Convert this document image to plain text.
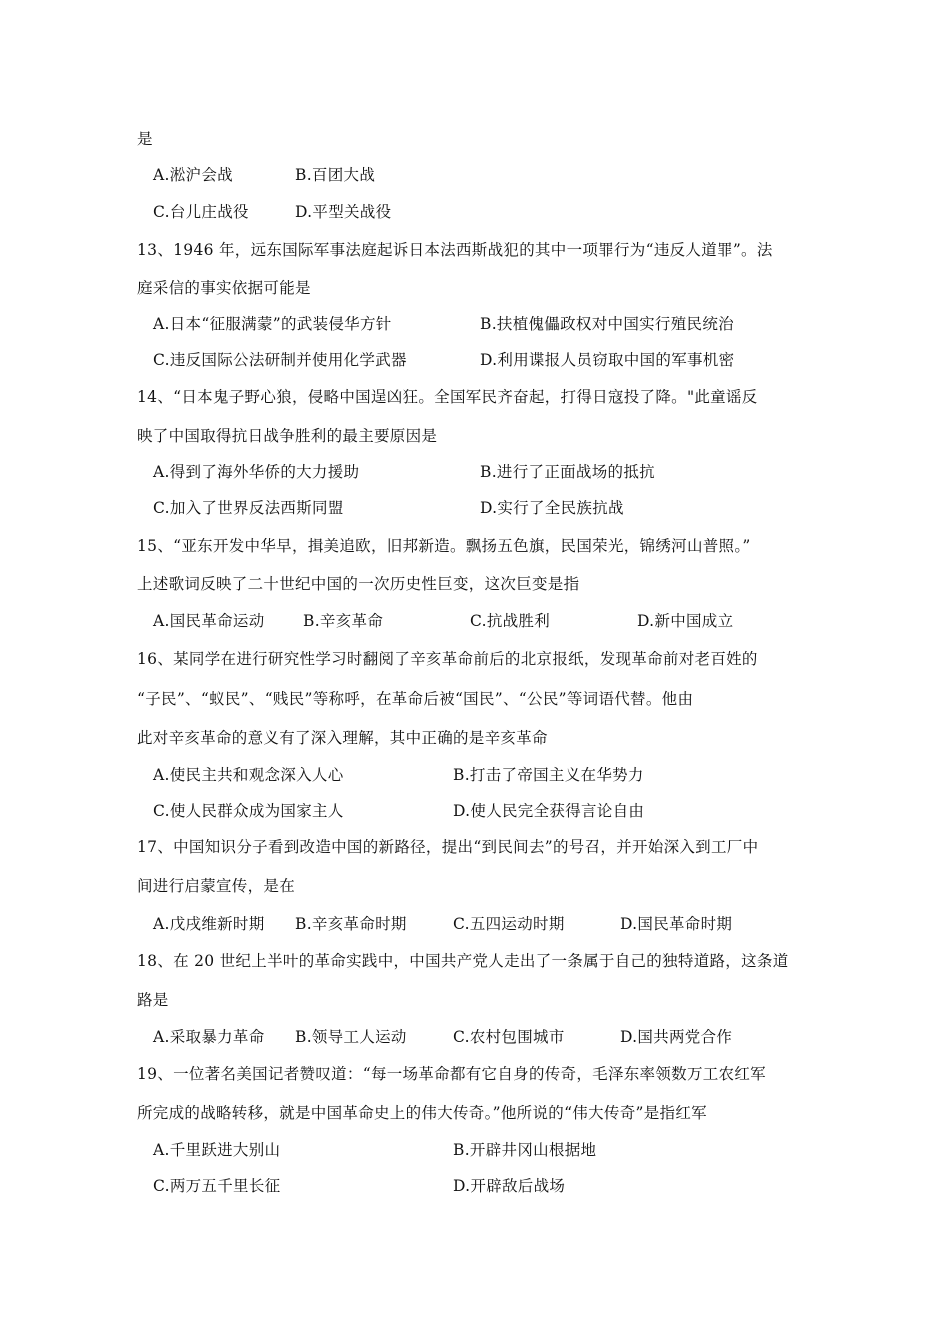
是
A.淞沪会战	B.百团大战
C.台儿庄战役	D.平型关战役
13、1946 年，远东国际军事法庭起诉日本法西斯战犯的其中一项罪行为“违反人道罪”。法
庭采信的事实依据可能是
A.日本“征服满蒙”的武装侵华方针	B.扶植傀儡政权对中国实行殖民统治
C.违反国际公法研制并使用化学武器	D.利用谍报人员窃取中国的军事机密
14、“日本鬼子野心狼，侵略中国逞凶狂。全国军民齐奋起，打得日寇投了降。"此童谣反
映了中国取得抗日战争胜利的最主要原因是
A.得到了海外华侨的大力援助	B.进行了正面战场的抵抗
C.加入了世界反法西斯同盟	D.实行了全民族抗战
15、“亚东开发中华早，揖美追欧，旧邦新造。飘扬五色旗，民国荣光，锦绣河山普照。”
上述歌词反映了二十世纪中国的一次历史性巨变，这次巨变是指
A.国民革命运动 B.辛亥革命	C.抗战胜利	D.新中国成立
16、某同学在进行研究性学习时翻阅了辛亥革命前后的北京报纸，发现革命前对老百姓的
“子民”、“蚁民”、“贱民”等称呼，在革命后被“国民”、“公民”等词语代替。他由
此对辛亥革命的意义有了深入理解，其中正确的是辛亥革命
A.使民主共和观念深入人心	B.打击了帝国主义在华势力
C.使人民群众成为国家主人	D.使人民完全获得言论自由
17、中国知识分子看到改造中国的新路径，提出“到民间去”的号召，并开始深入到工厂中
间进行启蒙宣传，是在
A.戊戌维新时期 B.辛亥革命时期	C.五四运动时期	D.国民革命时期
18、在 20 世纪上半叶的革命实践中，中国共产党人走出了一条属于自己的独特道路，这条道
路是
A.采取暴力革命 B.领导工人运动	C.农村包围城市	D.国共两党合作
19、一位著名美国记者赞叹道：“每一场革命都有它自身的传奇，毛泽东率领数万工农红军
所完成的战略转移，就是中国革命史上的伟大传奇。”他所说的“伟大传奇”是指红军
A.千里跃进大别山	B.开辟井冈山根据地
C.两万五千里长征	D.开辟敌后战场
